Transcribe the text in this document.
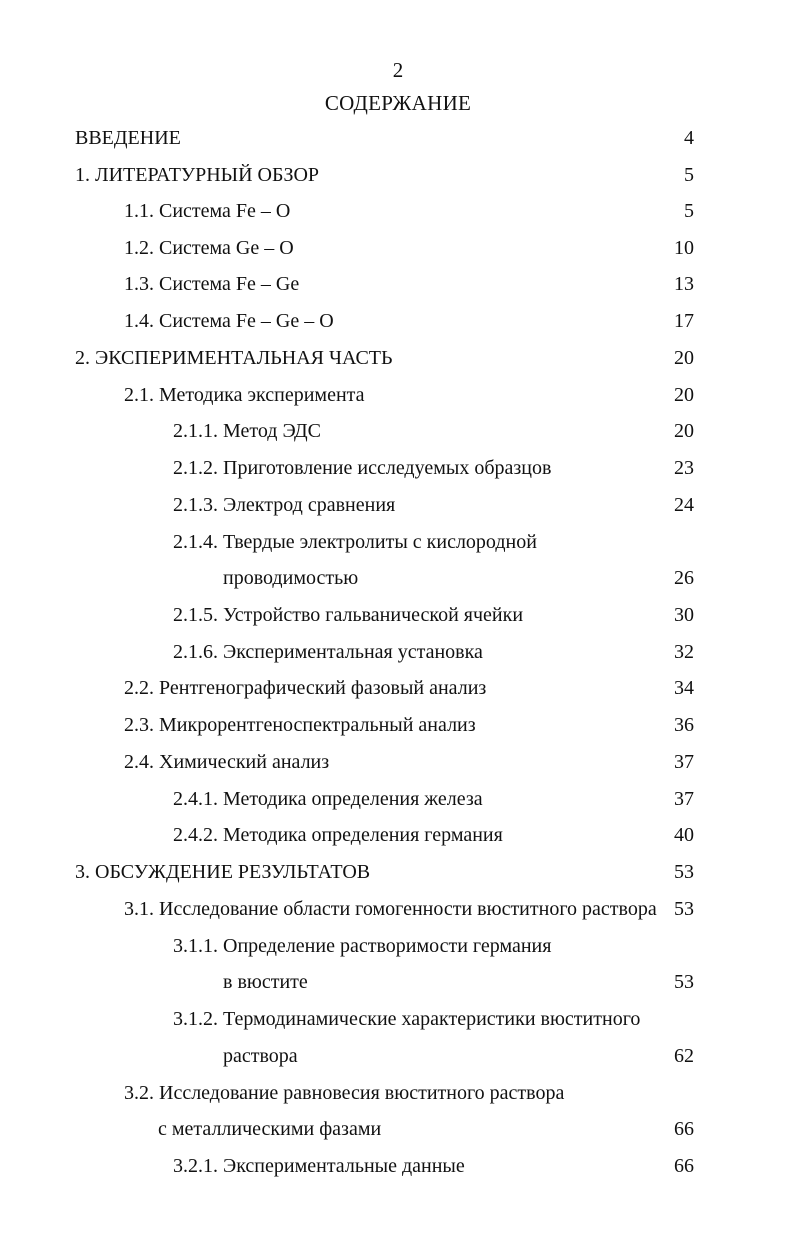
2
СОДЕРЖАНИЕ
ВВЕДЕНИЕ	4
1. ЛИТЕРАТУРНЫЙ ОБЗОР	5
1.1. Система Fe – O	5
1.2. Система Ge – O	10
1.3. Система Fe – Ge	13
1.4. Система Fe – Ge – O	17
2. ЭКСПЕРИМЕНТАЛЬНАЯ ЧАСТЬ	20
2.1. Методика эксперимента	20
2.1.1. Метод ЭДС	20
2.1.2. Приготовление исследуемых образцов	23
2.1.3. Электрод сравнения	24
2.1.4. Твердые электролиты с кислородной
проводимостью	26
2.1.5. Устройство гальванической ячейки	30
2.1.6. Экспериментальная установка	32
2.2. Рентгенографический фазовый анализ	34
2.3. Микрорентгеноспектральный анализ	36
2.4. Химический анализ	37
2.4.1. Методика определения железа	37
2.4.2. Методика определения германия	40
3. ОБСУЖДЕНИЕ РЕЗУЛЬТАТОВ	53
3.1. Исследование области гомогенности вюститного раствора 53
3.1.1. Определение растворимости германия
в вюстите	53
3.1.2. Термодинамические характеристики вюститного
раствора	62
3.2. Исследование равновесия вюститного раствора
с металлическими фазами	66
3.2.1. Экспериментальные данные	66
